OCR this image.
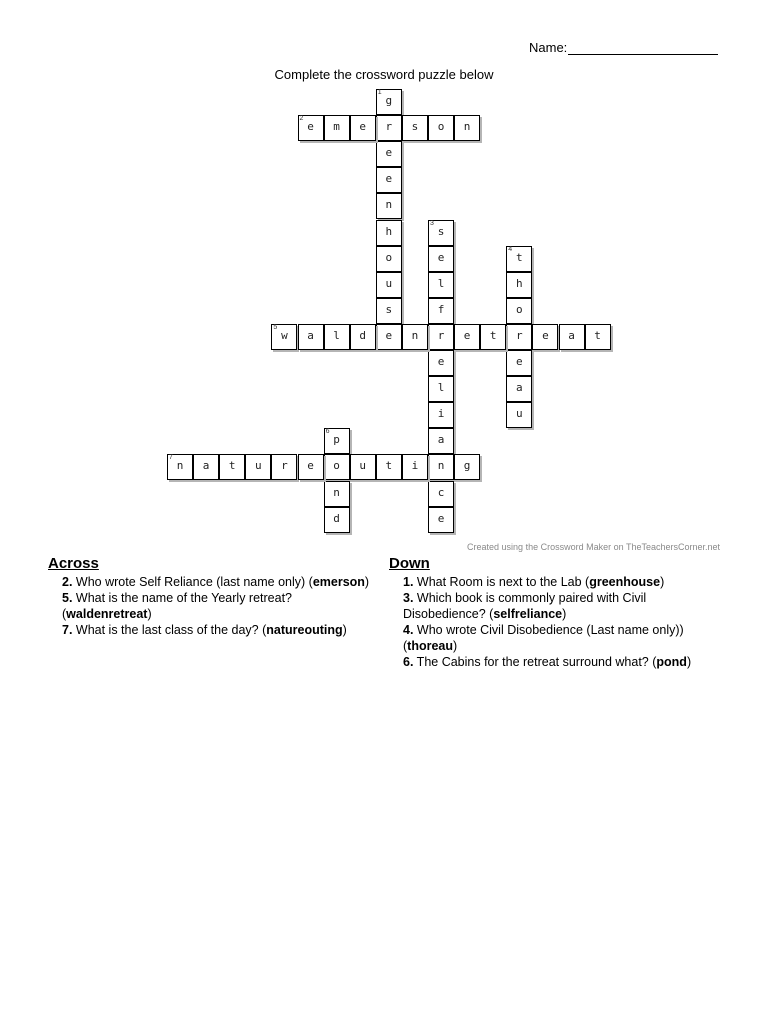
Name:
Complete the crossword puzzle below
1
g
r
e
e
n
h
o
u
s
e
2
e	m	e	s	o	n
3
s
e
l
f
r
e
l
i
a
n
c
e
4
t
h
o
r
e
a
u
5
w	a	l	d	n	e	t	e	a	t
6
p
o
n
d
7
n	a	t	u	r	e	u	t	i	g
Created using the Crossword Maker on TheTeachersCorner.net
Across
2. Who wrote Self Reliance (last name only) (emerson)
5. What is the name of the Yearly retreat? (waldenretreat)
7. What is the last class of the day? (natureouting)
Down
1. What Room is next to the Lab (greenhouse)
3. Which book is commonly paired with Civil Disobedience? (selfreliance)
4. Who wrote Civil Disobedience (Last name only)) (thoreau)
6. The Cabins for the retreat surround what? (pond)
